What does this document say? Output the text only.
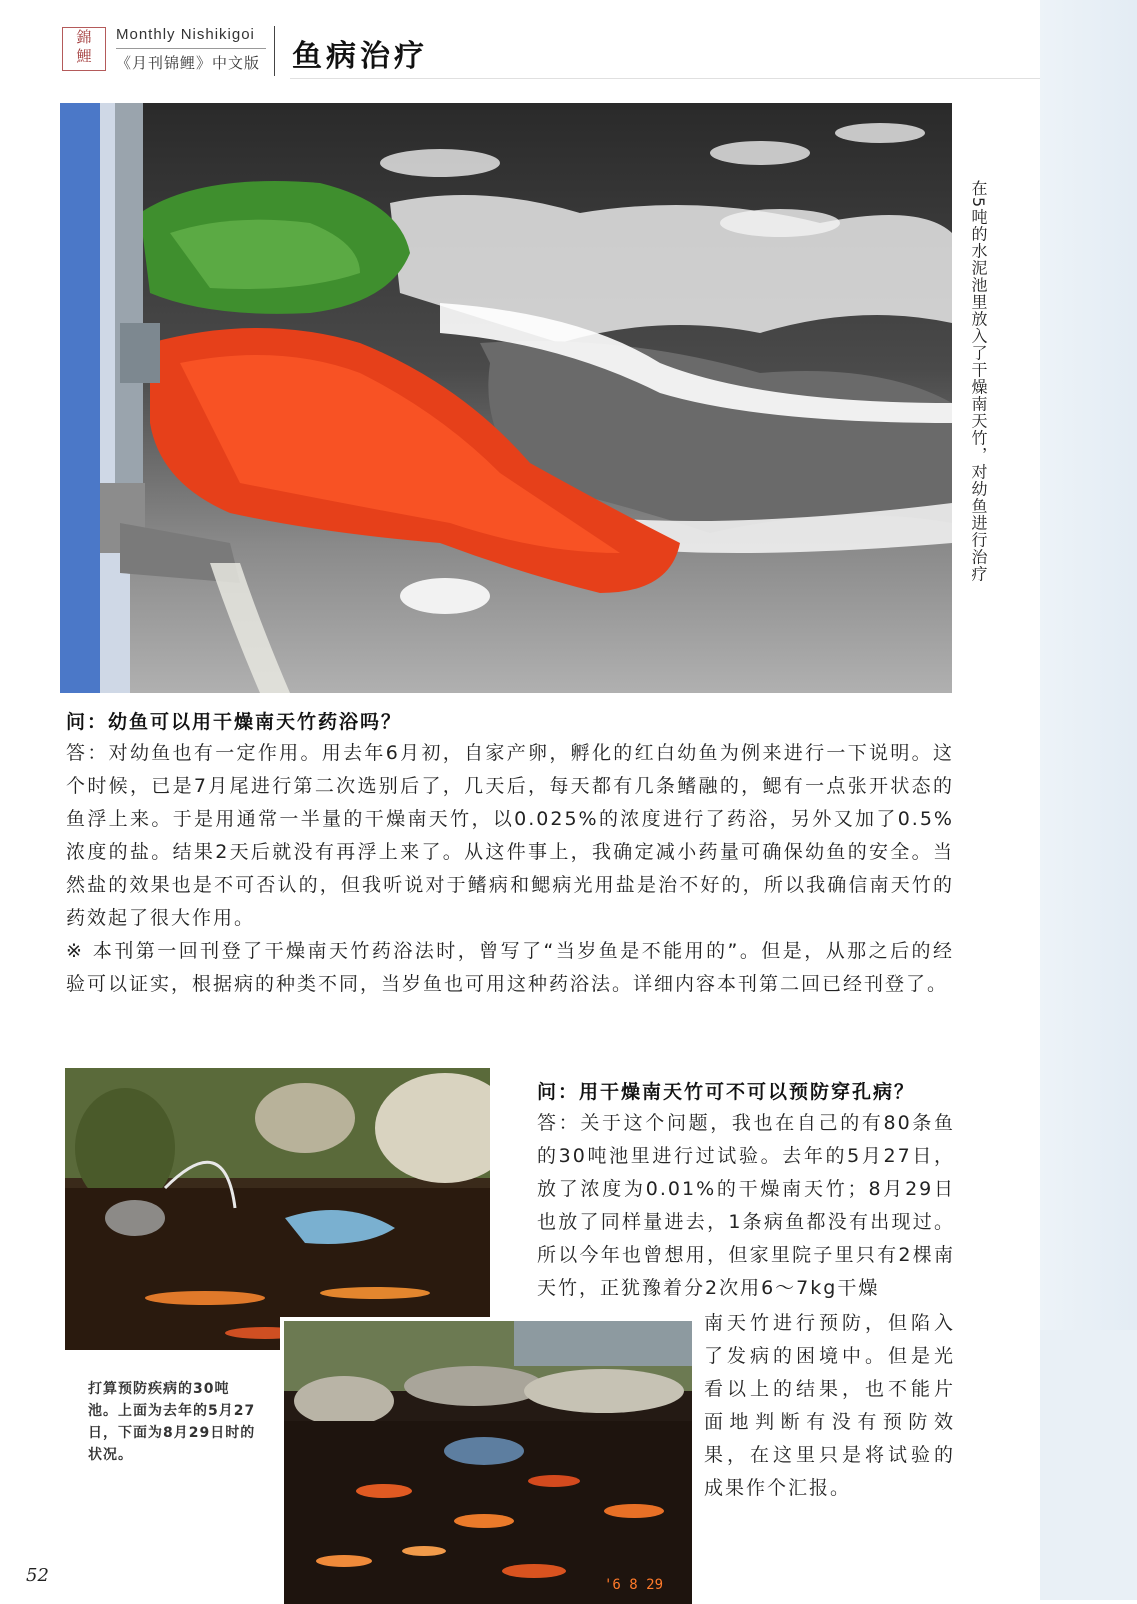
錦
鯉
Monthly Nishikigoi
《月刊锦鲤》中文版 鱼病治疗
在5吨的水泥池里放入了干燥南天竹，对幼鱼进行治疗

问：幼鱼可以用干燥南天竹药浴吗？

答：对幼鱼也有一定作用。用去年6月初，自家产卵，孵化的红白幼鱼为例来进行一下说明。这个时候，已是7月尾进行第二次选别后了，几天后，每天都有几条鳍融的，鳃有一点张开状态的鱼浮上来。于是用通常一半量的干燥南天竹，以0.025%的浓度进行了药浴，另外又加了0.5%浓度的盐。结果2天后就没有再浮上来了。从这件事上，我确定减小药量可确保幼鱼的安全。当然盐的效果也是不可否认的，但我听说对于鳍病和鳃病光用盐是治不好的，所以我确信南天竹的药效起了很大作用。

※ 本刊第一回刊登了干燥南天竹药浴法时，曾写了“当岁鱼是不能用的”。但是，从那之后的经验可以证实，根据病的种类不同，当岁鱼也可用这种药浴法。详细内容本刊第二回已经刊登了。

'6 8 29
打算预防疾病的30吨池。上面为去年的5月27日，下面为8月29日时的状况。

问：用干燥南天竹可不可以预防穿孔病？

答：关于这个问题，我也在自己的有80条鱼的30吨池里进行过试验。去年的5月27日，放了浓度为0.01%的干燥南天竹；8月29日也放了同样量进去，1条病鱼都没有出现过。所以今年也曾想用，但家里院子里只有2棵南天竹，正犹豫着分2次用6～7kg干燥

南天竹进行预防，但陷入了发病的困境中。但是光看以上的结果，也不能片面地判断有没有预防效果，在这里只是将试验的成果作个汇报。

52
